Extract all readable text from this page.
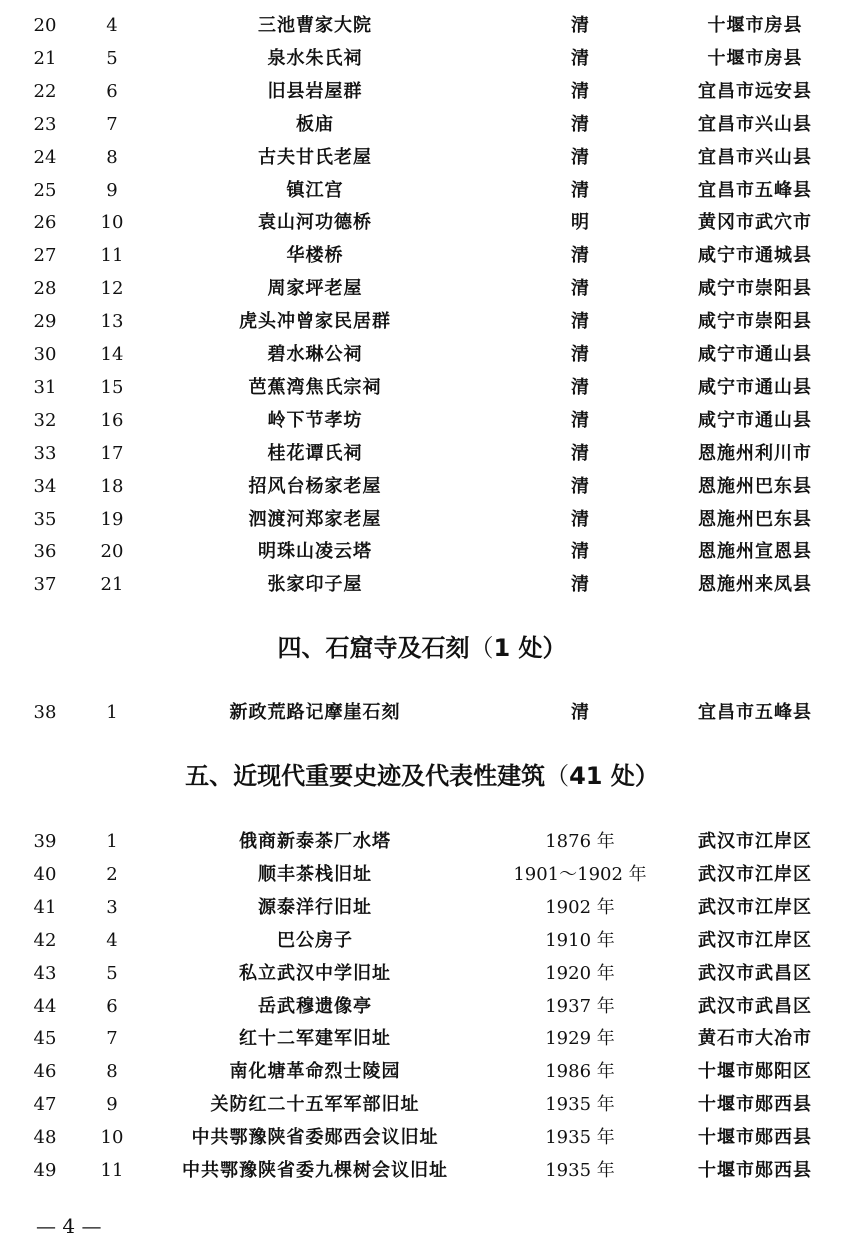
20	4	三池曹家大院	清	十堰市房县
21	5	泉水朱氏祠	清	十堰市房县
22	6	旧县岩屋群	清	宜昌市远安县
23	7	板庙	清	宜昌市兴山县
24	8	古夫甘氏老屋	清	宜昌市兴山县
25	9	镇江宫	清	宜昌市五峰县
26	10	袁山河功德桥	明	黄冈市武穴市
27	11	华楼桥	清	咸宁市通城县
28	12	周家坪老屋	清	咸宁市崇阳县
29	13	虎头冲曾家民居群	清	咸宁市崇阳县
30	14	碧水琳公祠	清	咸宁市通山县
31	15	芭蕉湾焦氏宗祠	清	咸宁市通山县
32	16	岭下节孝坊	清	咸宁市通山县
33	17	桂花谭氏祠	清	恩施州利川市
34	18	招风台杨家老屋	清	恩施州巴东县
35	19	泗渡河郑家老屋	清	恩施州巴东县
36	20	明珠山凌云塔	清	恩施州宣恩县
37	21	张家印子屋	清	恩施州来凤县
四、石窟寺及石刻（1 处）
38	1	新政荒路记摩崖石刻	清	宜昌市五峰县
五、近现代重要史迹及代表性建筑（41 处）
39	1	俄商新泰茶厂水塔	1876 年	武汉市江岸区
40	2	顺丰茶栈旧址	1901～1902 年	武汉市江岸区
41	3	源泰洋行旧址	1902 年	武汉市江岸区
42	4	巴公房子	1910 年	武汉市江岸区
43	5	私立武汉中学旧址	1920 年	武汉市武昌区
44	6	岳武穆遗像亭	1937 年	武汉市武昌区
45	7	红十二军建军旧址	1929 年	黄石市大冶市
46	8	南化塘革命烈士陵园	1986 年	十堰市郧阳区
47	9	关防红二十五军军部旧址	1935 年	十堰市郧西县
48	10	中共鄂豫陕省委郧西会议旧址	1935 年	十堰市郧西县
49	11	中共鄂豫陕省委九棵树会议旧址	1935 年	十堰市郧西县
— 4 —
